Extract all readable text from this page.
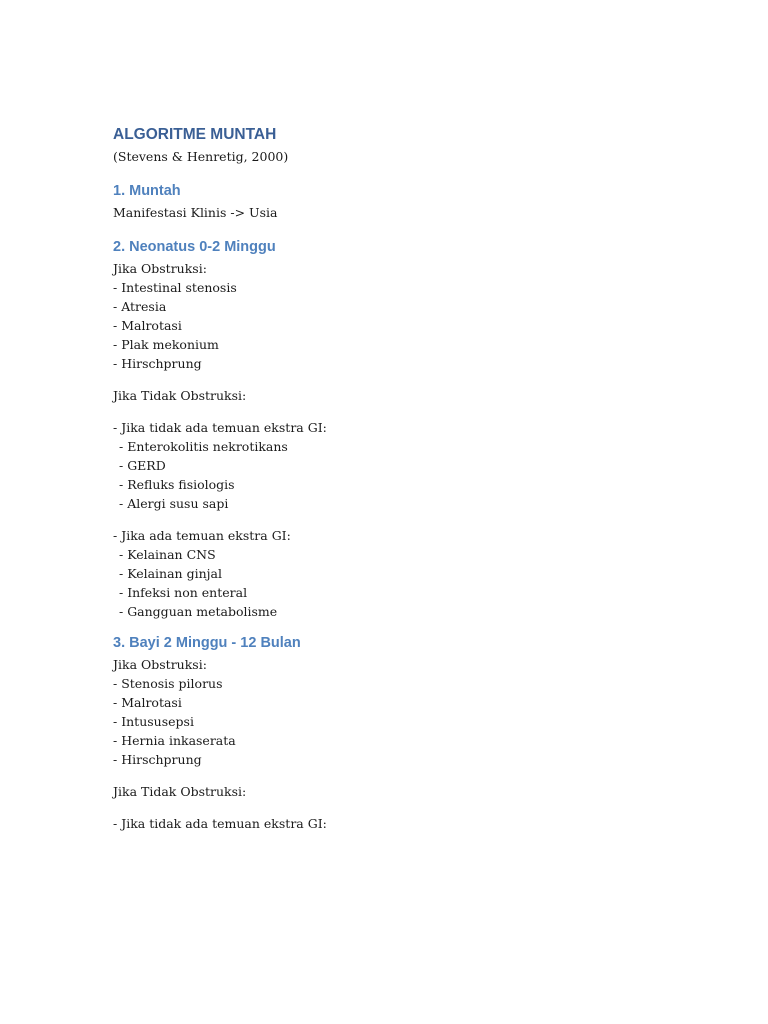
ALGORITME MUNTAH

(Stevens & Henretig, 2000)

1. Muntah

Manifestasi Klinis -> Usia

2. Neonatus 0-2 Minggu

Jika Obstruksi:

- Intestinal stenosis
- Atresia
- Malrotasi
- Plak mekonium
- Hirschprung

Jika Tidak Obstruksi:

- Jika tidak ada temuan ekstra GI:

- Enterokolitis nekrotikans
- GERD
- Refluks fisiologis
- Alergi susu sapi

- Jika ada temuan ekstra GI:

- Kelainan CNS
- Kelainan ginjal
- Infeksi non enteral
- Gangguan metabolisme
3. Bayi 2 Minggu - 12 Bulan

Jika Obstruksi:

- Stenosis pilorus
- Malrotasi
- Intususepsi
- Hernia inkaserata
- Hirschprung

Jika Tidak Obstruksi:

- Jika tidak ada temuan ekstra GI:
